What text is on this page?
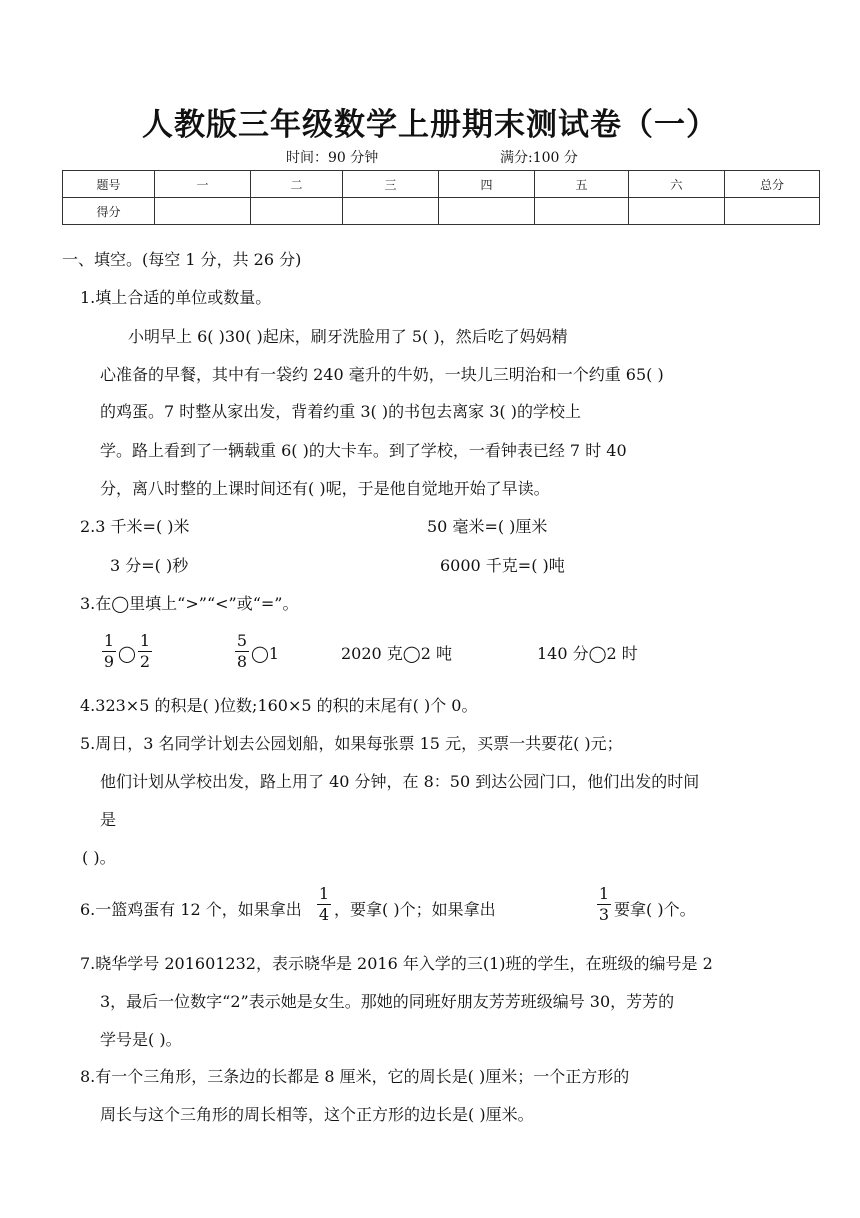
人教版三年级数学上册期末测试卷（一）
时间：90 分钟	满分:100 分
题号	一	二	三	四	五	六	总分
得分							
一、填空。(每空 1 分，共 26 分)
1.填上合适的单位或数量。
小明早上 6( )30( )起床，刷牙洗脸用了 5( )，然后吃了妈妈精
心准备的早餐，其中有一袋约 240 毫升的牛奶，一块儿三明治和一个约重 65( )
的鸡蛋。7 时整从家出发，背着约重 3( )的书包去离家 3( )的学校上
学。路上看到了一辆载重 6( )的大卡车。到了学校，一看钟表已经 7 时 40
分，离八时整的上课时间还有( )呢，于是他自觉地开始了早读。
2.3 千米=( )米	50 毫米=( )厘米
3 分=( )秒	6000 千克=( )吨
3.在◯里填上“>”“<”或“=”。
1
9 ◯
1
2
5
8 ◯1	2020 克◯2 吨	140 分◯2 时
4.323×5 的积是( )位数;160×5 的积的末尾有( )个 0。
5.周日，3 名同学计划去公园划船，如果每张票 15 元，买票一共要花( )元；
他们计划从学校出发，路上用了 40 分钟，在 8：50 到达公园门口，他们出发的时间
是
( )。
6.一篮鸡蛋有 12 个，如果拿出
1
4 ，要拿( )个；如果拿出
1
3 要拿( )个。
7.晓华学号 201601232，表示晓华是 2016 年入学的三(1)班的学生，在班级的编号是 2
3，最后一位数字“2”表示她是女生。那她的同班好朋友芳芳班级编号 30，芳芳的
学号是( )。
8.有一个三角形，三条边的长都是 8 厘米，它的周长是( )厘米；一个正方形的
周长与这个三角形的周长相等，这个正方形的边长是( )厘米。
